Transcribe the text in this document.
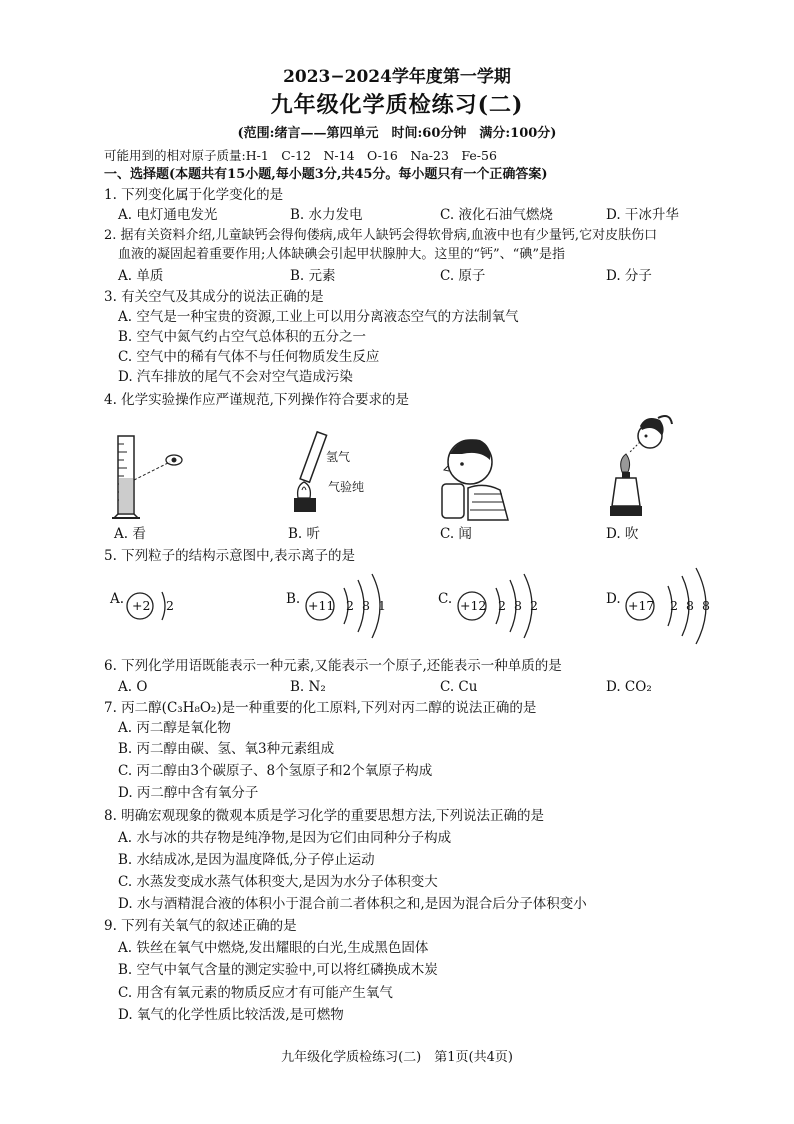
2023−2024学年度第一学期
九年级化学质检练习(二)
(范围:绪言——第四单元　时间:60分钟　满分:100分)
可能用到的相对原子质量:H-1　C-12　N-14　O-16　Na-23　Fe-56
一、选择题(本题共有15小题,每小题3分,共45分。每小题只有一个正确答案)
1. 下列变化属于化学变化的是
A. 电灯通电发光	B. 水力发电	C. 液化石油气燃烧	D. 干冰升华
2. 据有关资料介绍,儿童缺钙会得佝偻病,成年人缺钙会得软骨病,血液中也有少量钙,它对皮肤伤口
血液的凝固起着重要作用;人体缺碘会引起甲状腺肿大。这里的“钙”、“碘”是指
A. 单质	B. 元素	C. 原子	D. 分子
3. 有关空气及其成分的说法正确的是
A. 空气是一种宝贵的资源,工业上可以用分离液态空气的方法制氧气
B. 空气中氮气约占空气总体积的五分之一
C. 空气中的稀有气体不与任何物质发生反应
D. 汽车排放的尾气不会对空气造成污染
4. 化学实验操作应严谨规范,下列操作符合要求的是
A. 看
氢气
气验纯
B. 听	C. 闻	D. 吹
5. 下列粒子的结构示意图中,表示离子的是
A. +2 2	B. +11 2 8 1	C. +12 2 8 2	D. +17 2 8 8
6. 下列化学用语既能表示一种元素,又能表示一个原子,还能表示一种单质的是
A. O	B. N₂	C. Cu	D. CO₂
7. 丙二醇(C₃H₈O₂)是一种重要的化工原料,下列对丙二醇的说法正确的是
A. 丙二醇是氧化物
B. 丙二醇由碳、氢、氧3种元素组成
C. 丙二醇由3个碳原子、8个氢原子和2个氧原子构成
D. 丙二醇中含有氧分子
8. 明确宏观现象的微观本质是学习化学的重要思想方法,下列说法正确的是
A. 水与冰的共存物是纯净物,是因为它们由同种分子构成
B. 水结成冰,是因为温度降低,分子停止运动
C. 水蒸发变成水蒸气体积变大,是因为水分子体积变大
D. 水与酒精混合液的体积小于混合前二者体积之和,是因为混合后分子体积变小
9. 下列有关氧气的叙述正确的是
A. 铁丝在氧气中燃烧,发出耀眼的白光,生成黑色固体
B. 空气中氧气含量的测定实验中,可以将红磷换成木炭
C. 用含有氧元素的物质反应才有可能产生氧气
D. 氧气的化学性质比较活泼,是可燃物
九年级化学质检练习(二)　第1页(共4页)
